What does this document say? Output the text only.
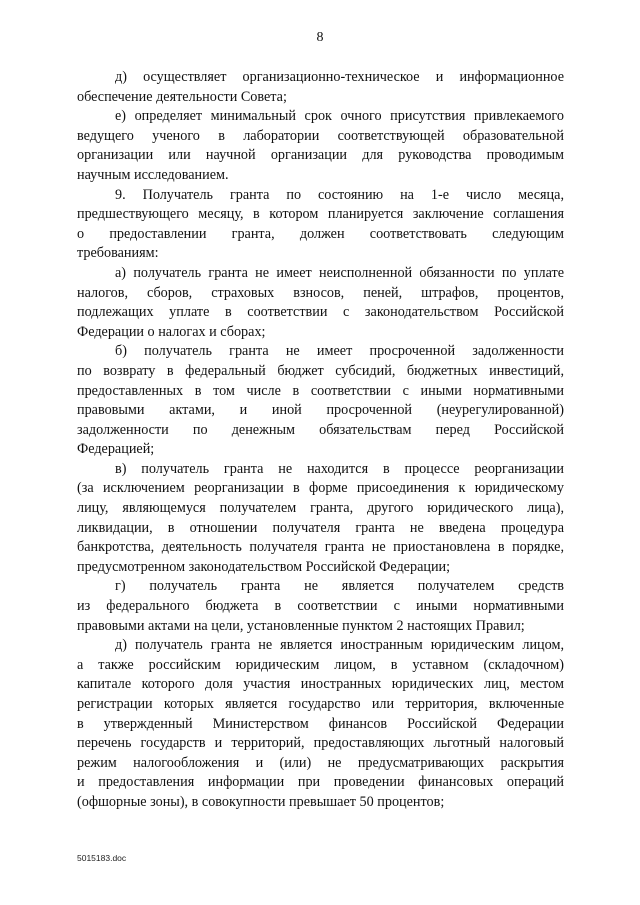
8

д) осуществляет организационно-техническое и информационное
обеспечение деятельности Совета;

е) определяет минимальный срок очного присутствия привлекаемого
ведущего ученого в лаборатории соответствующей образовательной
организации или научной организации для руководства проводимым
научным исследованием.

9. Получатель гранта по состоянию на 1-е число месяца,
предшествующего месяцу, в котором планируется заключение соглашения
о предоставлении гранта, должен соответствовать следующим
требованиям:

а) получатель гранта не имеет неисполненной обязанности по уплате
налогов, сборов, страховых взносов, пеней, штрафов, процентов,
подлежащих уплате в соответствии с законодательством Российской
Федерации о налогах и сборах;

б) получатель гранта не имеет просроченной задолженности
по возврату в федеральный бюджет субсидий, бюджетных инвестиций,
предоставленных в том числе в соответствии с иными нормативными
правовыми актами, и иной просроченной (неурегулированной)
задолженности по денежным обязательствам перед Российской
Федерацией;

в) получатель гранта не находится в процессе реорганизации
(за исключением реорганизации в форме присоединения к юридическому
лицу, являющемуся получателем гранта, другого юридического лица),
ликвидации, в отношении получателя гранта не введена процедура
банкротства, деятельность получателя гранта не приостановлена в порядке,
предусмотренном законодательством Российской Федерации;

г) получатель гранта не является получателем средств
из федерального бюджета в соответствии с иными нормативными
правовыми актами на цели, установленные пунктом 2 настоящих Правил;

д) получатель гранта не является иностранным юридическим лицом,
а также российским юридическим лицом, в уставном (складочном)
капитале которого доля участия иностранных юридических лиц, местом
регистрации которых является государство или территория, включенные
в утвержденный Министерством финансов Российской Федерации
перечень государств и территорий, предоставляющих льготный налоговый
режим налогообложения и (или) не предусматривающих раскрытия
и предоставления информации при проведении финансовых операций
(офшорные зоны), в совокупности превышает 50 процентов;

5015183.doc
